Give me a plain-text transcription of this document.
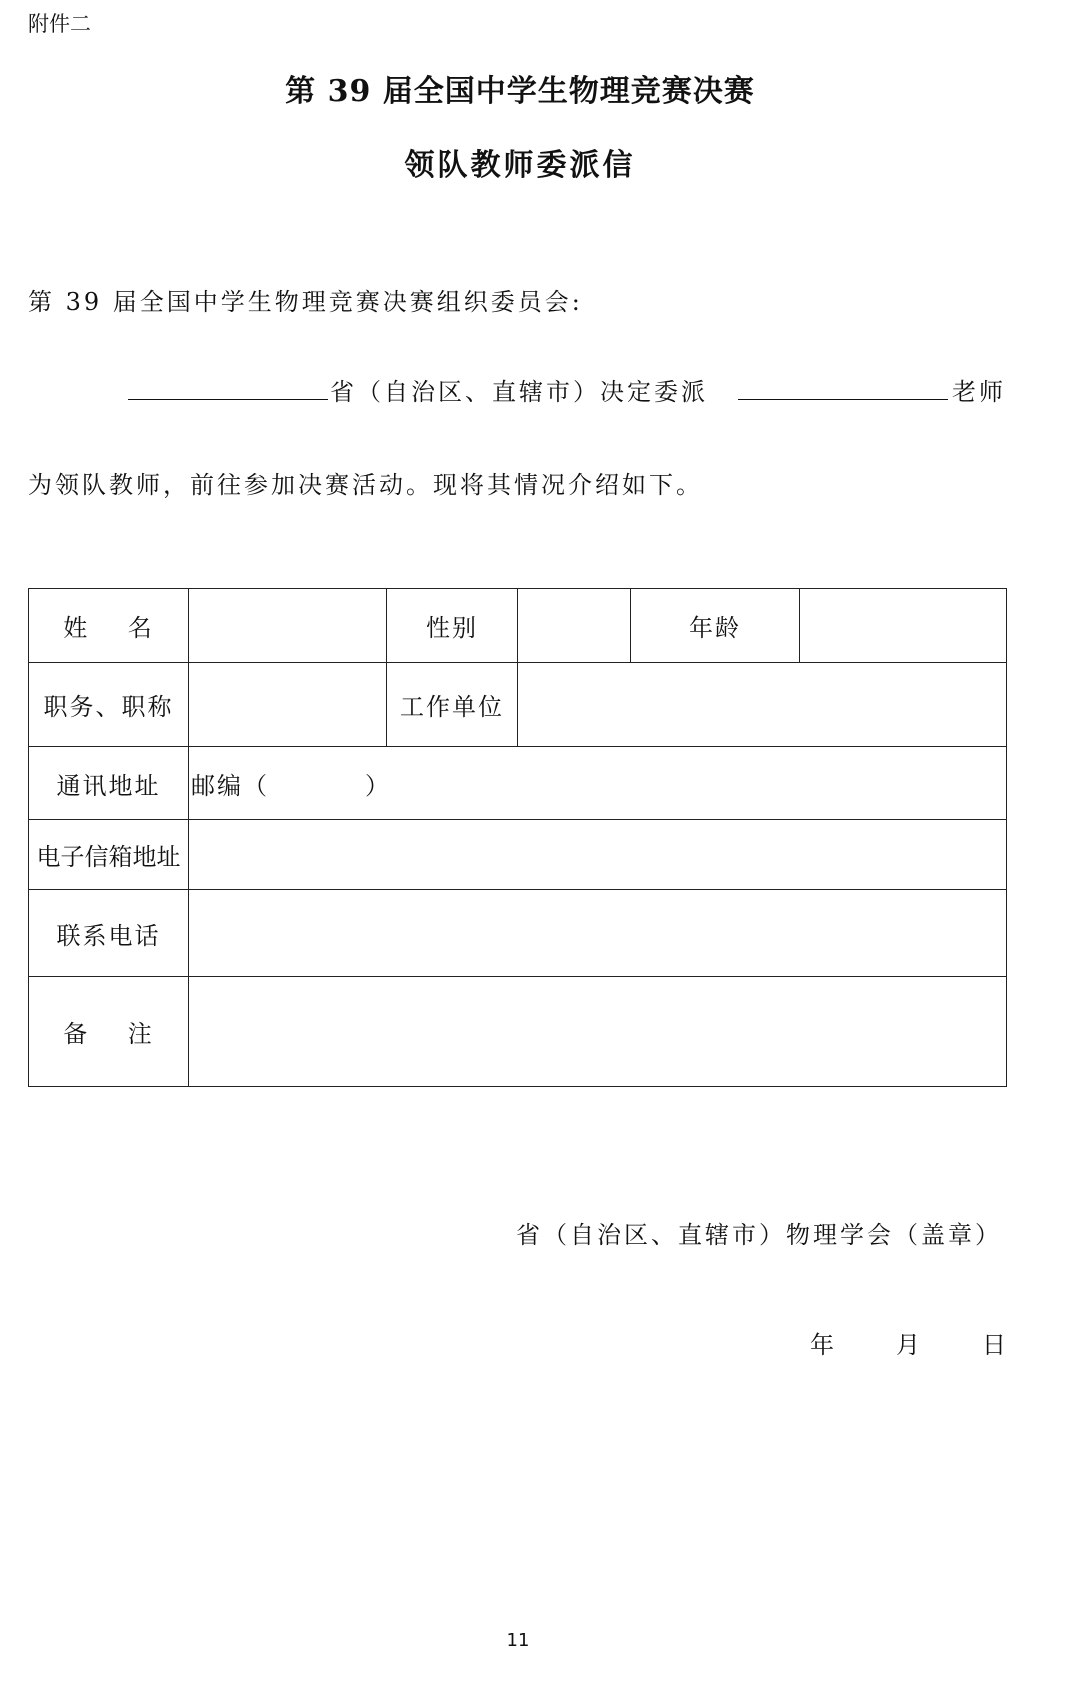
附件二
第 39 届全国中学生物理竞赛决赛
领队教师委派信
第 39 届全国中学生物理竞赛决赛组织委员会:
省（自治区、直辖市）决定委派	老师
为领队教师，前往参加决赛活动。现将其情况介绍如下。
姓    名		性别		年龄	
职务、职称		工作单位			
通讯地址	邮编（ ）				
电子信箱地址					
联系电话					
备    注					
省（自治区、直辖市）物理学会（盖章）
年	月	日
11
